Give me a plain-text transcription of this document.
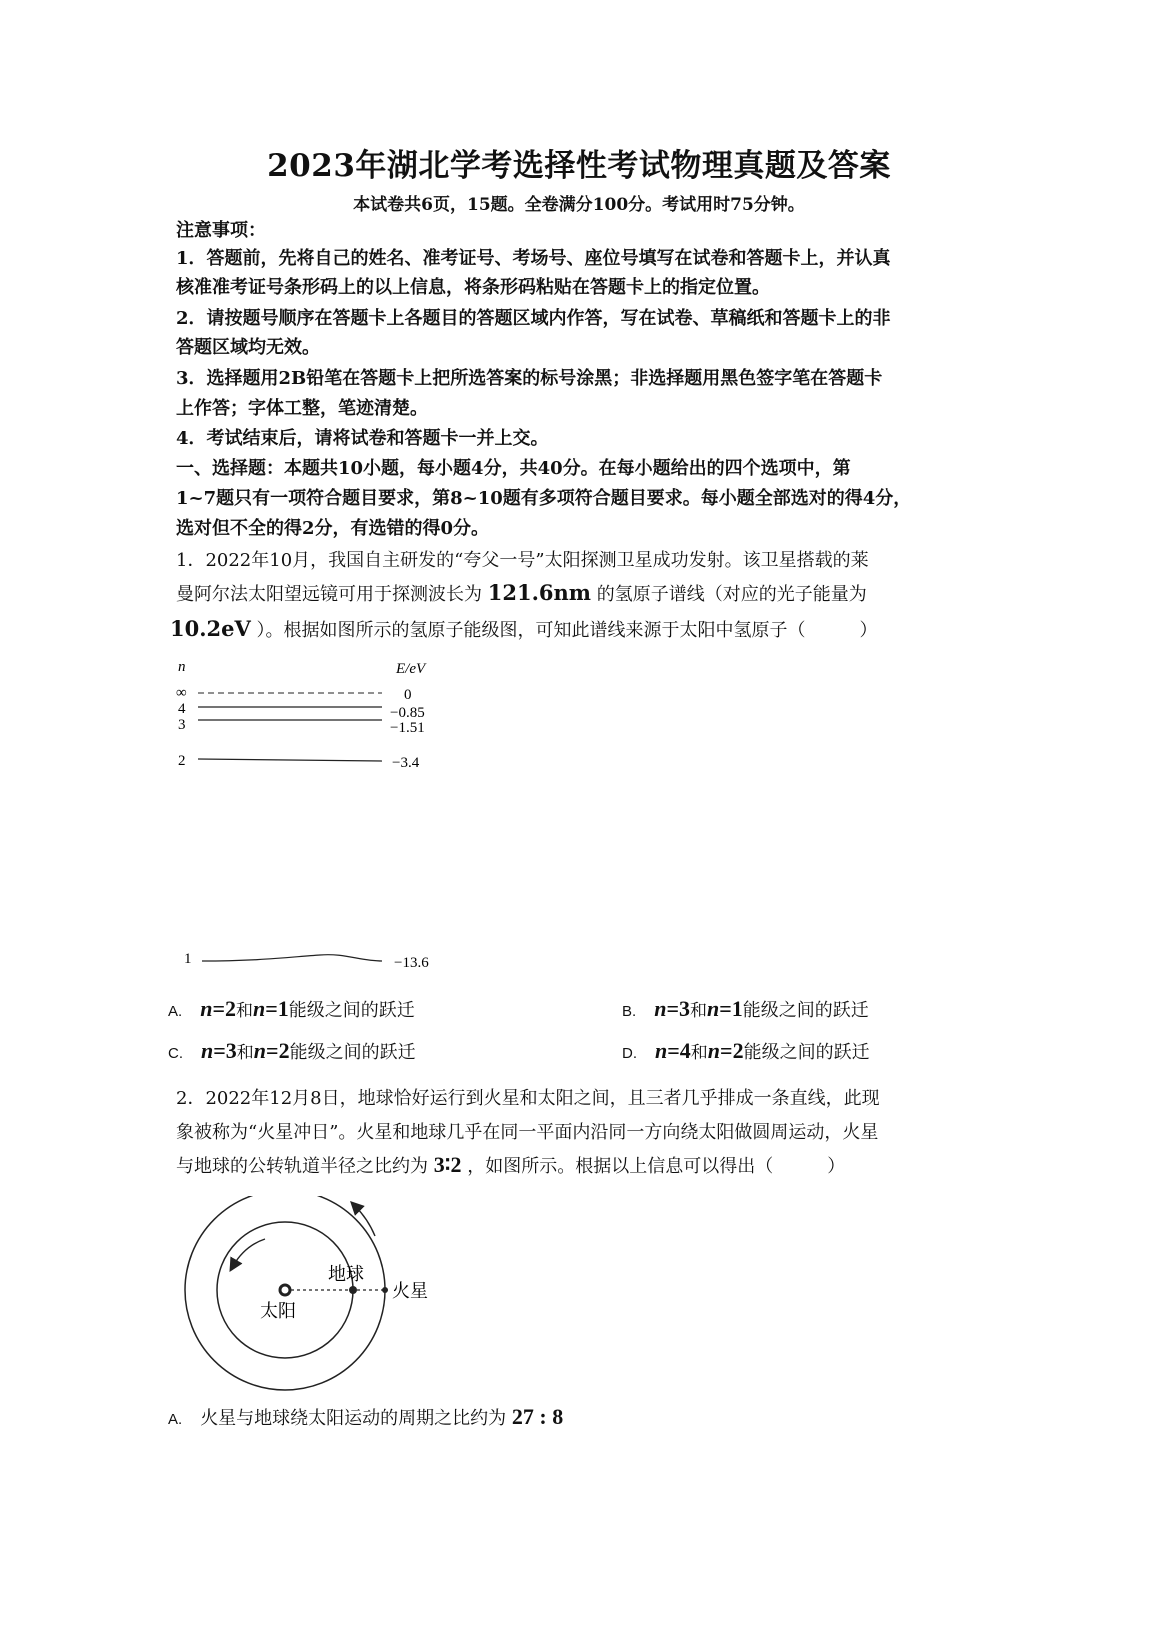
2023年湖北学考选择性考试物理真题及答案
本试卷共6页，15题。全卷满分100分。考试用时75分钟。
注意事项：
1．答题前，先将自己的姓名、准考证号、考场号、座位号填写在试卷和答题卡上，并认真
核准准考证号条形码上的以上信息，将条形码粘贴在答题卡上的指定位置。
2．请按题号顺序在答题卡上各题目的答题区域内作答，写在试卷、草稿纸和答题卡上的非
答题区域均无效。
3．选择题用2B铅笔在答题卡上把所选答案的标号涂黑；非选择题用黑色签字笔在答题卡
上作答；字体工整，笔迹清楚。
4．考试结束后，请将试卷和答题卡一并上交。
一、选择题：本题共10小题，每小题4分，共40分。在每小题给出的四个选项中，第
1~7题只有一项符合题目要求，第8~10题有多项符合题目要求。每小题全部选对的得4分，
选对但不全的得2分，有选错的得0分。
1．2022年10月，我国自主研发的“夸父一号”太阳探测卫星成功发射。该卫星搭载的莱
曼阿尔法太阳望远镜可用于探测波长为 121.6nm 的氢原子谱线（对应的光子能量为
10.2eV ）。根据如图所示的氢原子能级图，可知此谱线来源于太阳中氢原子（　　　）
n	E/eV
∞	0
4	−0.85
3	−1.51
2	−3.4
1	−13.6
A. n=2和n=1能级之间的跃迁	B. n=3和n=1能级之间的跃迁
C. n=3和n=2能级之间的跃迁	D. n=4和n=2能级之间的跃迁
2．2022年12月8日，地球恰好运行到火星和太阳之间，且三者几乎排成一条直线，此现
象被称为“火星冲日”。火星和地球几乎在同一平面内沿同一方向绕太阳做圆周运动，火星
与地球的公转轨道半径之比约为 3∶2 ，如图所示。根据以上信息可以得出（　　　）
太阳
地球
火星
A. 火星与地球绕太阳运动的周期之比约为 27 : 8
